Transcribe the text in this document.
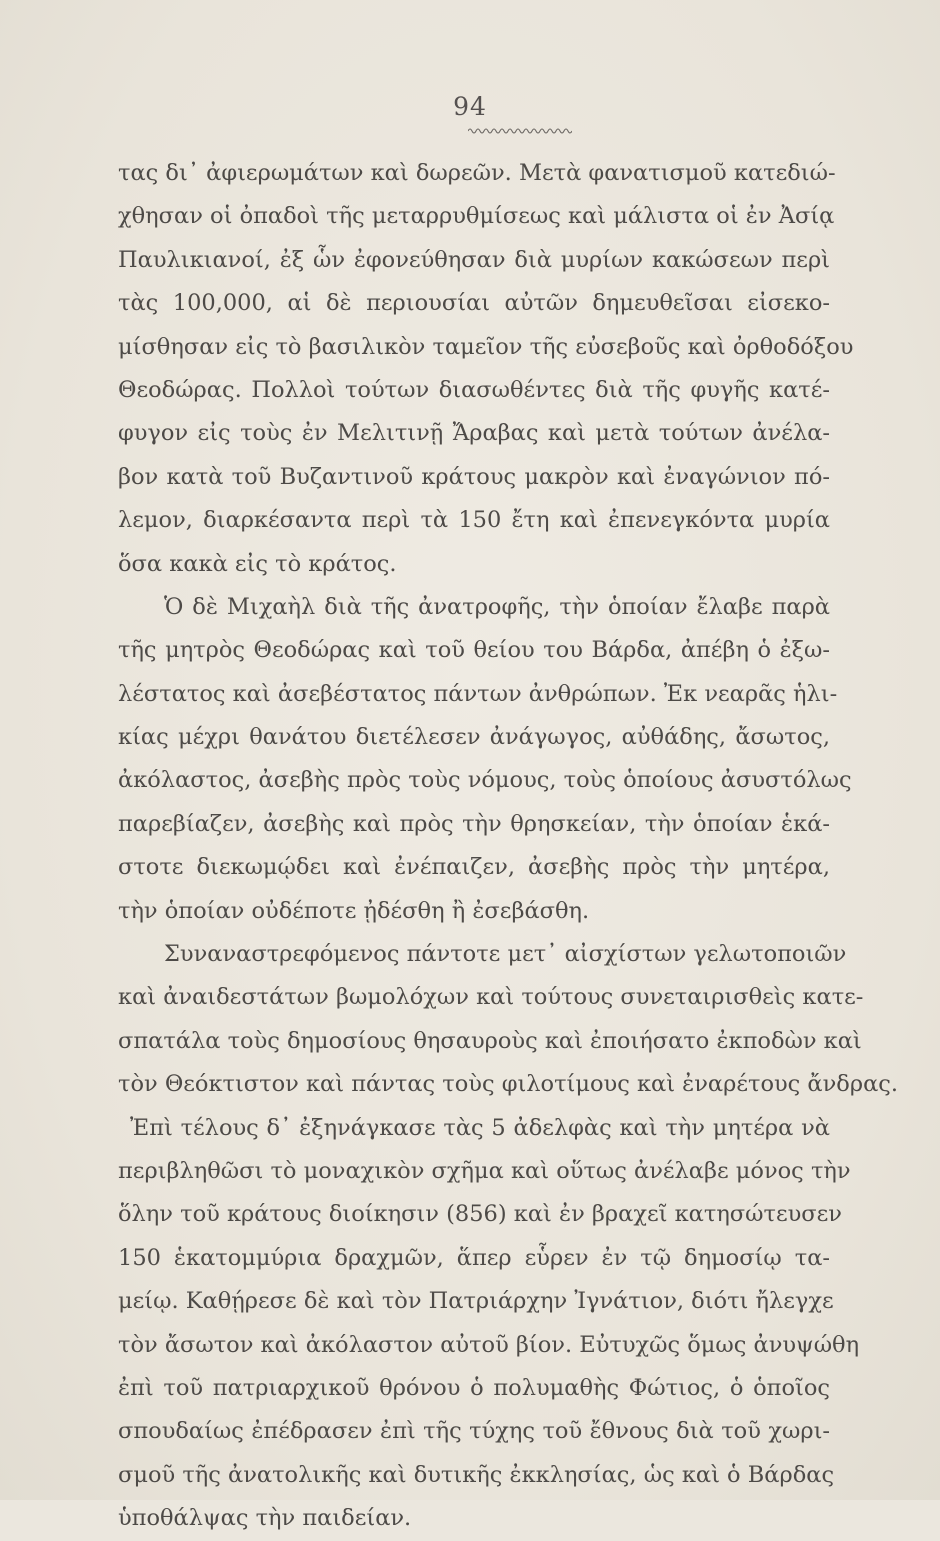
94
τας δι᾽ ἀφιερωμάτων καὶ δωρεῶν. Μετὰ φανατισμοῦ κατεδιώ-
χθησαν οἱ ὀπαδοὶ τῆς μεταρρυθμίσεως καὶ μάλιστα οἱ ἐν Ἀσίᾳ
Παυλικιανοί, ἐξ ὧν ἐφονεύθησαν διὰ μυρίων κακώσεων περὶ
τὰς 100,000, αἱ δὲ περιουσίαι αὐτῶν δημευθεῖσαι εἰσεκο-
μίσθησαν εἰς τὸ βασιλικὸν ταμεῖον τῆς εὐσεβοῦς καὶ ὀρθοδόξου
Θεοδώρας. Πολλοὶ τούτων διασωθέντες διὰ τῆς φυγῆς κατέ-
φυγον εἰς τοὺς ἐν Μελιτινῇ Ἄραβας καὶ μετὰ τούτων ἀνέλα-
βον κατὰ τοῦ Βυζαντινοῦ κράτους μακρὸν καὶ ἐναγώνιον πό-
λεμον, διαρκέσαντα περὶ τὰ 150 ἔτη καὶ ἐπενεγκόντα μυρία
ὅσα κακὰ εἰς τὸ κράτος.
Ὁ δὲ Μιχαὴλ διὰ τῆς ἀνατροφῆς, τὴν ὁποίαν ἔλαβε παρὰ
τῆς μητρὸς Θεοδώρας καὶ τοῦ θείου του Βάρδα, ἀπέβη ὁ ἐξω-
λέστατος καὶ ἀσεβέστατος πάντων ἀνθρώπων. Ἐκ νεαρᾶς ἡλι-
κίας μέχρι θανάτου διετέλεσεν ἀνάγωγος, αὐθάδης, ἄσωτος,
ἀκόλαστος, ἀσεβὴς πρὸς τοὺς νόμους, τοὺς ὁποίους ἀσυστόλως
παρεβίαζεν, ἀσεβὴς καὶ πρὸς τὴν θρησκείαν, τὴν ὁποίαν ἑκά-
στοτε διεκωμῴδει καὶ ἐνέπαιζεν, ἀσεβὴς πρὸς τὴν μητέρα,
τὴν ὁποίαν οὐδέποτε ᾐδέσθη ἢ ἐσεβάσθη.
Συναναστρεφόμενος πάντοτε μετ᾽ αἰσχίστων γελωτοποιῶν
καὶ ἀναιδεστάτων βωμολόχων καὶ τούτους συνεταιρισθεὶς κατε-
σπατάλα τοὺς δημοσίους θησαυροὺς καὶ ἐποιήσατο ἐκποδὼν καὶ
τὸν Θεόκτιστον καὶ πάντας τοὺς φιλοτίμους καὶ ἐναρέτους ἄνδρας.
Ἐπὶ τέλους δ᾽ ἐξηνάγκασε τὰς 5 ἀδελφὰς καὶ τὴν μητέρα νὰ
περιβληθῶσι τὸ μοναχικὸν σχῆμα καὶ οὕτως ἀνέλαβε μόνος τὴν
ὅλην τοῦ κράτους διοίκησιν (856) καὶ ἐν βραχεῖ κατησώτευσεν
150 ἑκατομμύρια δραχμῶν, ἅπερ εὗρεν ἐν τῷ δημοσίῳ τα-
μείῳ. Καθῄρεσε δὲ καὶ τὸν Πατριάρχην Ἰγνάτιον, διότι ἤλεγχε
τὸν ἄσωτον καὶ ἀκόλαστον αὐτοῦ βίον. Εὐτυχῶς ὅμως ἀνυψώθη
ἐπὶ τοῦ πατριαρχικοῦ θρόνου ὁ πολυμαθὴς Φώτιος, ὁ ὁποῖος
σπουδαίως ἐπέδρασεν ἐπὶ τῆς τύχης τοῦ ἔθνους διὰ τοῦ χωρι-
σμοῦ τῆς ἀνατολικῆς καὶ δυτικῆς ἐκκλησίας, ὡς καὶ ὁ Βάρδας
ὑποθάλψας τὴν παιδείαν.
